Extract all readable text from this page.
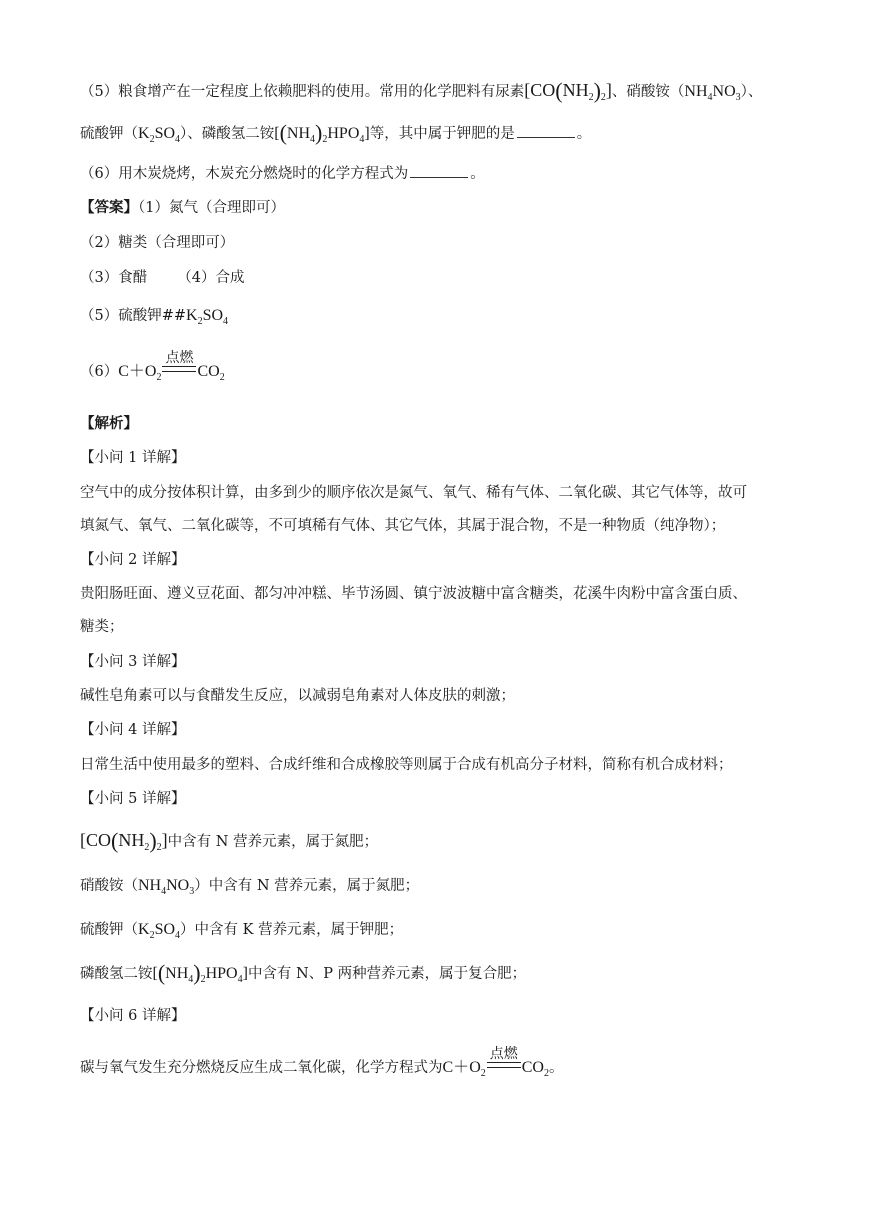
（5）粮食增产在一定程度上依赖肥料的使用。常用的化学肥料有尿素$[CO(NH_2)_2]$、硝酸铵$(NH_4NO_3)$、
硫酸钾$(K_2SO_4)$、磷酸氢二铵$[(NH_4)_2HPO_4]$等，其中属于钾肥的是	。
（6）用木炭烧烤，木炭充分燃烧时的化学方程式为	。
【答案】（1）氮气（合理即可）
（2）糖类（合理即可）
（3）食醋 （4）合成
（5）硫酸钾$\#\#K_2SO_4$
$(6)C+O_2$
点燃
$CO_2$
【解析】
【小问 1 详解】
空气中的成分按体积计算，由多到少的顺序依次是氮气、氧气、稀有气体、二氧化碳、其它气体等，故可
填氮气、氧气、二氧化碳等，不可填稀有气体、其它气体，其属于混合物，不是一种物质（纯净物）；
【小问 2 详解】
贵阳肠旺面、遵义豆花面、都匀冲冲糕、毕节汤圆、镇宁波波糖中富含糖类，花溪牛肉粉中富含蛋白质、
糖类；
【小问 3 详解】
碱性皂角素可以与食醋发生反应，以减弱皂角素对人体皮肤的刺激；
【小问 4 详解】
日常生活中使用最多的塑料、合成纤维和合成橡胶等则属于合成有机高分子材料，简称有机合成材料；
【小问 5 详解】
$[CO(NH_2)_2]$中含有 N 营养元素，属于氮肥；
硝酸铵$(NH_4NO_3)$中含有 N 营养元素，属于氮肥；
硫酸钾$(K_2SO_4)$中含有 K 营养元素，属于钾肥；
磷酸氢二铵$[(NH_4)_2HPO_4]$中含有 N、P 两种营养元素，属于复合肥；
【小问 6 详解】
碳与氧气发生充分燃烧反应生成二氧化碳，化学方程式为$C+O_2$
点燃
$CO_2$。
